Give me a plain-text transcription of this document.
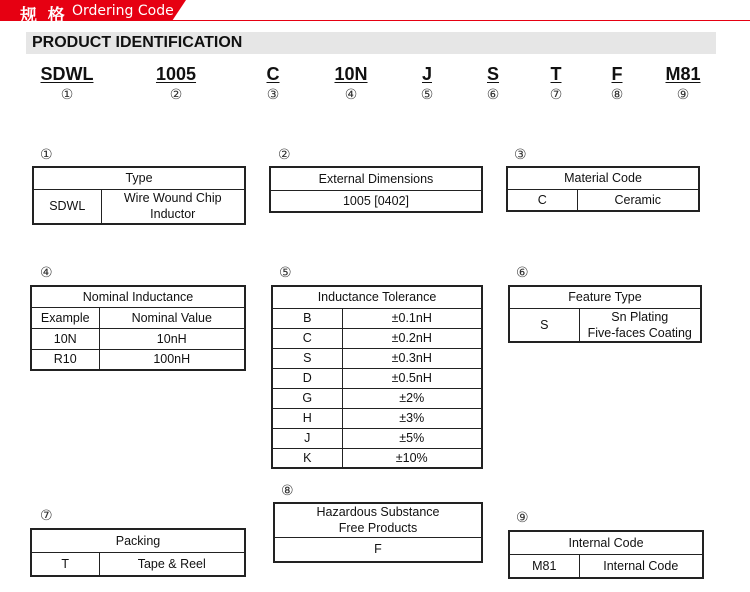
规 格 Ordering Code
PRODUCT IDENTIFICATION
SDWL
①
1005
②
C
③
10N
④
J
⑤
S
⑥
T
⑦
F
⑧
M81
⑨
①
Type
SDWL	Wire Wound Chip
Inductor
②
External Dimensions
1005 [0402]
③
Material Code
C	Ceramic
④
Nominal Inductance	
Example	Nominal Value
10N	10nH
R10	100nH
⑤
Inductance Tolerance	
B	±0.1nH
C	±0.2nH
S	±0.3nH
D	±0.5nH
G	±2%
H	±3%
J	±5%
K	±10%
⑥
Feature Type
S	Sn Plating
Five-faces Coating
⑦
Packing
T	Tape & Reel
⑧
Hazardous Substance
Free Products
F
⑨
Internal Code
M81	Internal Code
